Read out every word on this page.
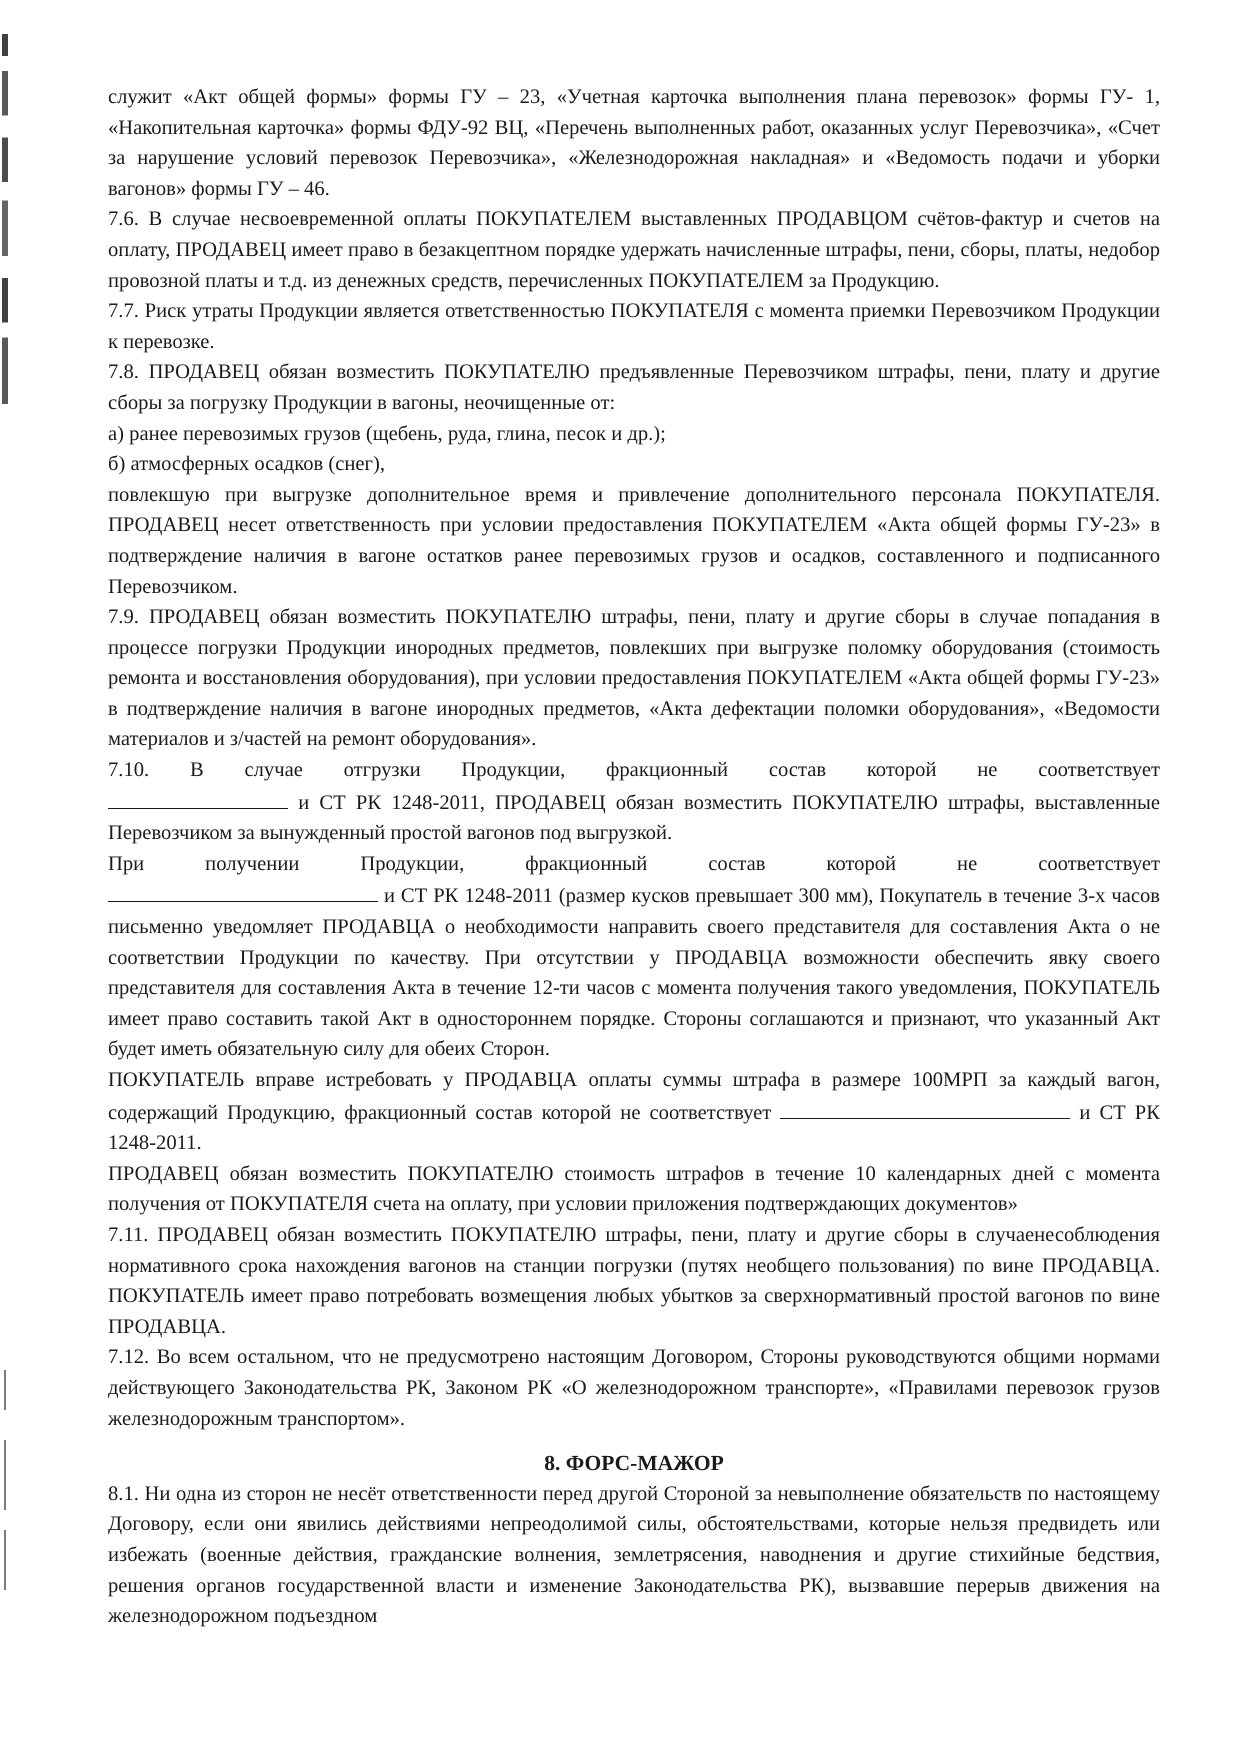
служит «Акт общей формы» формы ГУ – 23, «Учетная карточка выполнения плана перевозок» формы ГУ- 1, «Накопительная карточка» формы ФДУ-92 ВЦ, «Перечень выполненных работ, оказанных услуг Перевозчика», «Счет за нарушение условий перевозок Перевозчика», «Железнодорожная накладная» и «Ведомость подачи и уборки вагонов» формы ГУ – 46.

7.6. В случае несвоевременной оплаты ПОКУПАТЕЛЕМ выставленных ПРОДАВЦОМ счётов-фактур и счетов на оплату, ПРОДАВЕЦ имеет право в безакцептном порядке удержать начисленные штрафы, пени, сборы, платы, недобор провозной платы и т.д. из денежных средств, перечисленных ПОКУПАТЕЛЕМ за Продукцию.

7.7. Риск утраты Продукции является ответственностью ПОКУПАТЕЛЯ с момента приемки Перевозчиком Продукции к перевозке.

7.8. ПРОДАВЕЦ обязан возместить ПОКУПАТЕЛЮ предъявленные Перевозчиком штрафы, пени, плату и другие сборы за погрузку Продукции в вагоны, неочищенные от:

а) ранее перевозимых грузов (щебень, руда, глина, песок и др.);

б) атмосферных осадков (снег),

повлекшую при выгрузке дополнительное время и привлечение дополнительного персонала ПОКУПАТЕЛЯ. ПРОДАВЕЦ несет ответственность при условии предоставления ПОКУПАТЕЛЕМ «Акта общей формы ГУ-23» в подтверждение наличия в вагоне остатков ранее перевозимых грузов и осадков, составленного и подписанного Перевозчиком.

7.9. ПРОДАВЕЦ обязан возместить ПОКУПАТЕЛЮ штрафы, пени, плату и другие сборы в случае попадания в процессе погрузки Продукции инородных предметов, повлекших при выгрузке поломку оборудования (стоимость ремонта и восстановления оборудования), при условии предоставления ПОКУПАТЕЛЕМ «Акта общей формы ГУ-23» в подтверждение наличия в вагоне инородных предметов, «Акта дефектации поломки оборудования», «Ведомости материалов и з/частей на ремонт оборудования».

7.10. В случае отгрузки Продукции, фракционный состав которой не соответствует

и СТ РК 1248-2011, ПРОДАВЕЦ обязан возместить ПОКУПАТЕЛЮ штрафы, выставленные Перевозчиком за вынужденный простой вагонов под выгрузкой.

При получении Продукции, фракционный состав которой не соответствует

и СТ РК 1248-2011 (размер кусков превышает 300 мм), Покупатель в течение 3-х часов письменно уведомляет ПРОДАВЦА о необходимости направить своего представителя для составления Акта о не соответствии Продукции по качеству. При отсутствии у ПРОДАВЦА возможности обеспечить явку своего представителя для составления Акта в течение 12-ти часов с момента получения такого уведомления, ПОКУПАТЕЛЬ имеет право составить такой Акт в одностороннем порядке. Стороны соглашаются и признают, что указанный Акт будет иметь обязательную силу для обеих Сторон.

ПОКУПАТЕЛЬ вправе истребовать у ПРОДАВЦА оплаты суммы штрафа в размере 100МРП за каждый вагон, содержащий Продукцию, фракционный состав которой не соответствует	и СТ РК 1248-2011.

ПРОДАВЕЦ обязан возместить ПОКУПАТЕЛЮ стоимость штрафов в течение 10 календарных дней с момента получения от ПОКУПАТЕЛЯ счета на оплату, при условии приложения подтверждающих документов»

7.11. ПРОДАВЕЦ обязан возместить ПОКУПАТЕЛЮ штрафы, пени, плату и другие сборы в случаенесоблюдения нормативного срока нахождения вагонов на станции погрузки (путях необщего пользования) по вине ПРОДАВЦА. ПОКУПАТЕЛЬ имеет право потребовать возмещения любых убытков за сверхнормативный простой вагонов по вине ПРОДАВЦА.

7.12. Во всем остальном, что не предусмотрено настоящим Договором, Стороны руководствуются общими нормами действующего Законодательства РК, Законом РК «О железнодорожном транспорте», «Правилами перевозок грузов железнодорожным транспортом».

8. ФОРС-МАЖОР

8.1. Ни одна из сторон не несёт ответственности перед другой Стороной за невыполнение обязательств по настоящему Договору, если они явились действиями непреодолимой силы, обстоятельствами, которые нельзя предвидеть или избежать (военные действия, гражданские волнения, землетрясения, наводнения и другие стихийные бедствия, решения органов государственной власти и изменение Законодательства РК), вызвавшие перерыв движения на железнодорожном подъездном
